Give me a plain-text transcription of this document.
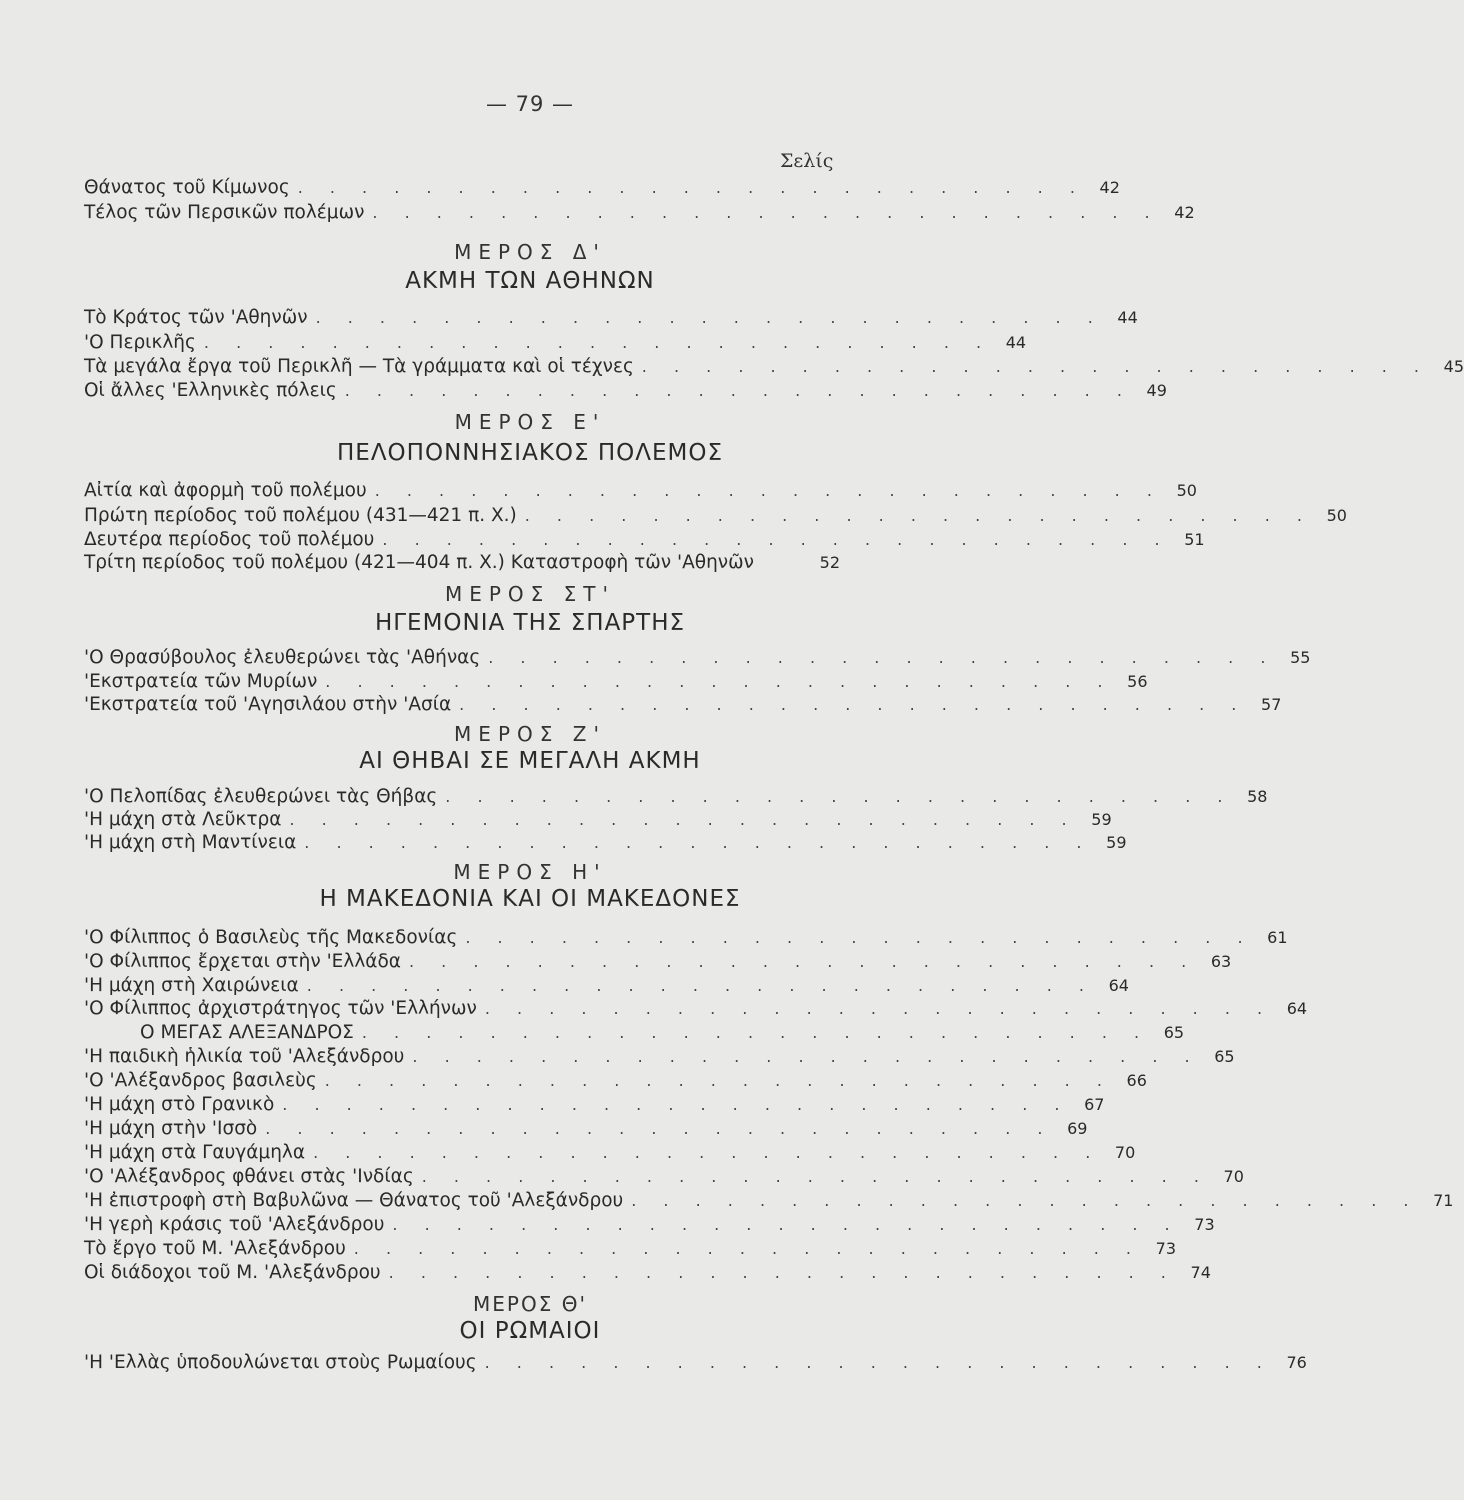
— 79 —
Σελίς
Θάνατος τοῦ Κίμωνος . . . . . . . . . . . . . . . . . . . . . . . . . 42
Τέλος τῶν Περσικῶν πολέμων . . . . . . . . . . . . . . . . . . . . . . . . . 42
ΜΕΡΟΣ Δ'
ΑΚΜΗ ΤΩΝ ΑΘΗΝΩΝ
Τὸ Κράτος τῶν 'Αθηνῶν . . . . . . . . . . . . . . . . . . . . . . . . . 44
'Ο Περικλῆς . . . . . . . . . . . . . . . . . . . . . . . . . 44
Τὰ μεγάλα ἔργα τοῦ Περικλῆ — Τὰ γράμματα καὶ οἱ τέχνες . . . . . . . . . . . . . . . . . . . . . . . . . 45
Οἱ ἄλλες 'Ελληνικὲς πόλεις . . . . . . . . . . . . . . . . . . . . . . . . . 49
ΜΕΡΟΣ Ε'
ΠΕΛΟΠΟΝΝΗΣΙΑΚΟΣ ΠΟΛΕΜΟΣ
Αἰτία καὶ ἀφορμὴ τοῦ πολέμου . . . . . . . . . . . . . . . . . . . . . . . . . 50
Πρώτη περίοδος τοῦ πολέμου (431—421 π. Χ.) . . . . . . . . . . . . . . . . . . . . . . . . . 50
Δευτέρα περίοδος τοῦ πολέμου . . . . . . . . . . . . . . . . . . . . . . . . . 51
Τρίτη περίοδος τοῦ πολέμου (421—404 π. Χ.) Καταστροφὴ τῶν 'Αθηνῶν	52
ΜΕΡΟΣ ΣΤ'
ΗΓΕΜΟΝΙΑ ΤΗΣ ΣΠΑΡΤΗΣ
'Ο Θρασύβουλος ἐλευθερώνει τὰς 'Αθήνας . . . . . . . . . . . . . . . . . . . . . . . . . 55
'Εκστρατεία τῶν Μυρίων . . . . . . . . . . . . . . . . . . . . . . . . . 56
'Εκστρατεία τοῦ 'Αγησιλάου στὴν 'Ασία . . . . . . . . . . . . . . . . . . . . . . . . . 57
ΜΕΡΟΣ Ζ'
ΑΙ ΘΗΒΑΙ ΣΕ ΜΕΓΑΛΗ ΑΚΜΗ
'Ο Πελοπίδας ἐλευθερώνει τὰς Θήβας . . . . . . . . . . . . . . . . . . . . . . . . . 58
'Η μάχη στὰ Λεῦκτρα . . . . . . . . . . . . . . . . . . . . . . . . . 59
'Η μάχη στὴ Μαντίνεια . . . . . . . . . . . . . . . . . . . . . . . . . 59
ΜΕΡΟΣ Η'
Η ΜΑΚΕΔΟΝΙΑ ΚΑΙ ΟΙ ΜΑΚΕΔΟΝΕΣ
'Ο Φίλιππος ὁ Βασιλεὺς τῆς Μακεδονίας . . . . . . . . . . . . . . . . . . . . . . . . . 61
'Ο Φίλιππος ἔρχεται στὴν 'Ελλάδα . . . . . . . . . . . . . . . . . . . . . . . . . 63
'Η μάχη στὴ Χαιρώνεια . . . . . . . . . . . . . . . . . . . . . . . . . 64
'Ο Φίλιππος ἀρχιστράτηγος τῶν 'Ελλήνων . . . . . . . . . . . . . . . . . . . . . . . . . 64
Ο ΜΕΓΑΣ ΑΛΕΞΑΝΔΡΟΣ . . . . . . . . . . . . . . . . . . . . . . . . . 65
'Η παιδικὴ ἡλικία τοῦ 'Αλεξάνδρου . . . . . . . . . . . . . . . . . . . . . . . . . 65
'Ο 'Αλέξανδρος βασιλεὺς . . . . . . . . . . . . . . . . . . . . . . . . . 66
'Η μάχη στὸ Γρανικὸ . . . . . . . . . . . . . . . . . . . . . . . . . 67
'Η μάχη στὴν 'Ισσὸ . . . . . . . . . . . . . . . . . . . . . . . . . 69
'Η μάχη στὰ Γαυγάμηλα . . . . . . . . . . . . . . . . . . . . . . . . . 70
'Ο 'Αλέξανδρος φθάνει στὰς 'Ινδίας . . . . . . . . . . . . . . . . . . . . . . . . . 70
'Η ἐπιστροφὴ στὴ Βαβυλῶνα — Θάνατος τοῦ 'Αλεξάνδρου . . . . . . . . . . . . . . . . . . . . . . . . . 71
'Η γερὴ κράσις τοῦ 'Αλεξάνδρου . . . . . . . . . . . . . . . . . . . . . . . . . 73
Τὸ ἔργο τοῦ Μ. 'Αλεξάνδρου . . . . . . . . . . . . . . . . . . . . . . . . . 73
Οἱ διάδοχοι τοῦ Μ. 'Αλεξάνδρου . . . . . . . . . . . . . . . . . . . . . . . . . 74
ΜΕΡΟΣ Θ'
ΟΙ ΡΩΜΑΙΟΙ
'Η 'Ελλὰς ὑποδουλώνεται στοὺς Ρωμαίους . . . . . . . . . . . . . . . . . . . . . . . . . 76
